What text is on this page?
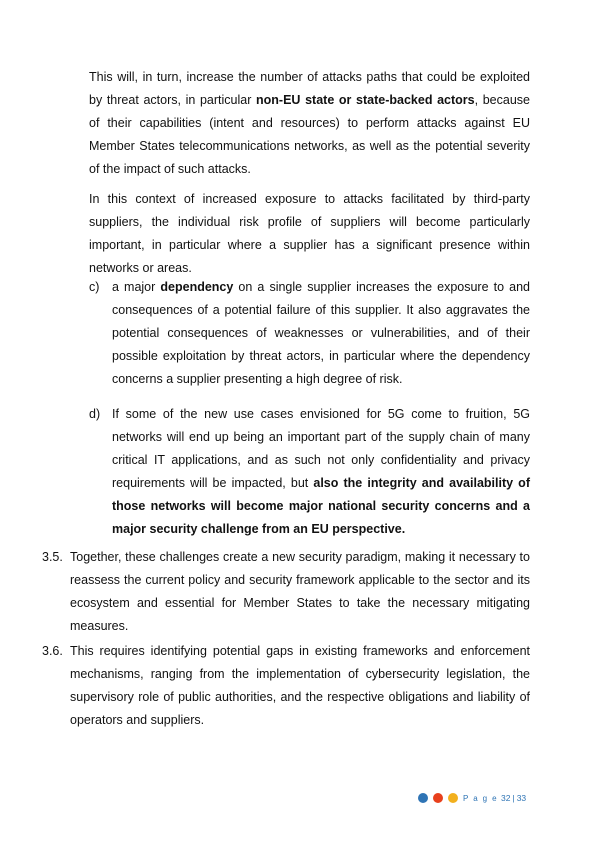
This will, in turn, increase the number of attacks paths that could be exploited by threat actors, in particular non-EU state or state-backed actors, because of their capabilities (intent and resources) to perform attacks against EU Member States telecommunications networks, as well as the potential severity of the impact of such attacks.

In this context of increased exposure to attacks facilitated by third-party suppliers, the individual risk profile of suppliers will become particularly important, in particular where a supplier has a significant presence within networks or areas.

c) a major dependency on a single supplier increases the exposure to and consequences of a potential failure of this supplier. It also aggravates the potential consequences of weaknesses or vulnerabilities, and of their possible exploitation by threat actors, in particular where the dependency concerns a supplier presenting a high degree of risk.

d) If some of the new use cases envisioned for 5G come to fruition, 5G networks will end up being an important part of the supply chain of many critical IT applications, and as such not only confidentiality and privacy requirements will be impacted, but also the integrity and availability of those networks will become major national security concerns and a major security challenge from an EU perspective.

3.5. Together, these challenges create a new security paradigm, making it necessary to reassess the current policy and security framework applicable to the sector and its ecosystem and essential for Member States to take the necessary mitigating measures.

3.6. This requires identifying potential gaps in existing frameworks and enforcement mechanisms, ranging from the implementation of cybersecurity legislation, the supervisory role of public authorities, and the respective obligations and liability of operators and suppliers.

P a g e 32 | 33
